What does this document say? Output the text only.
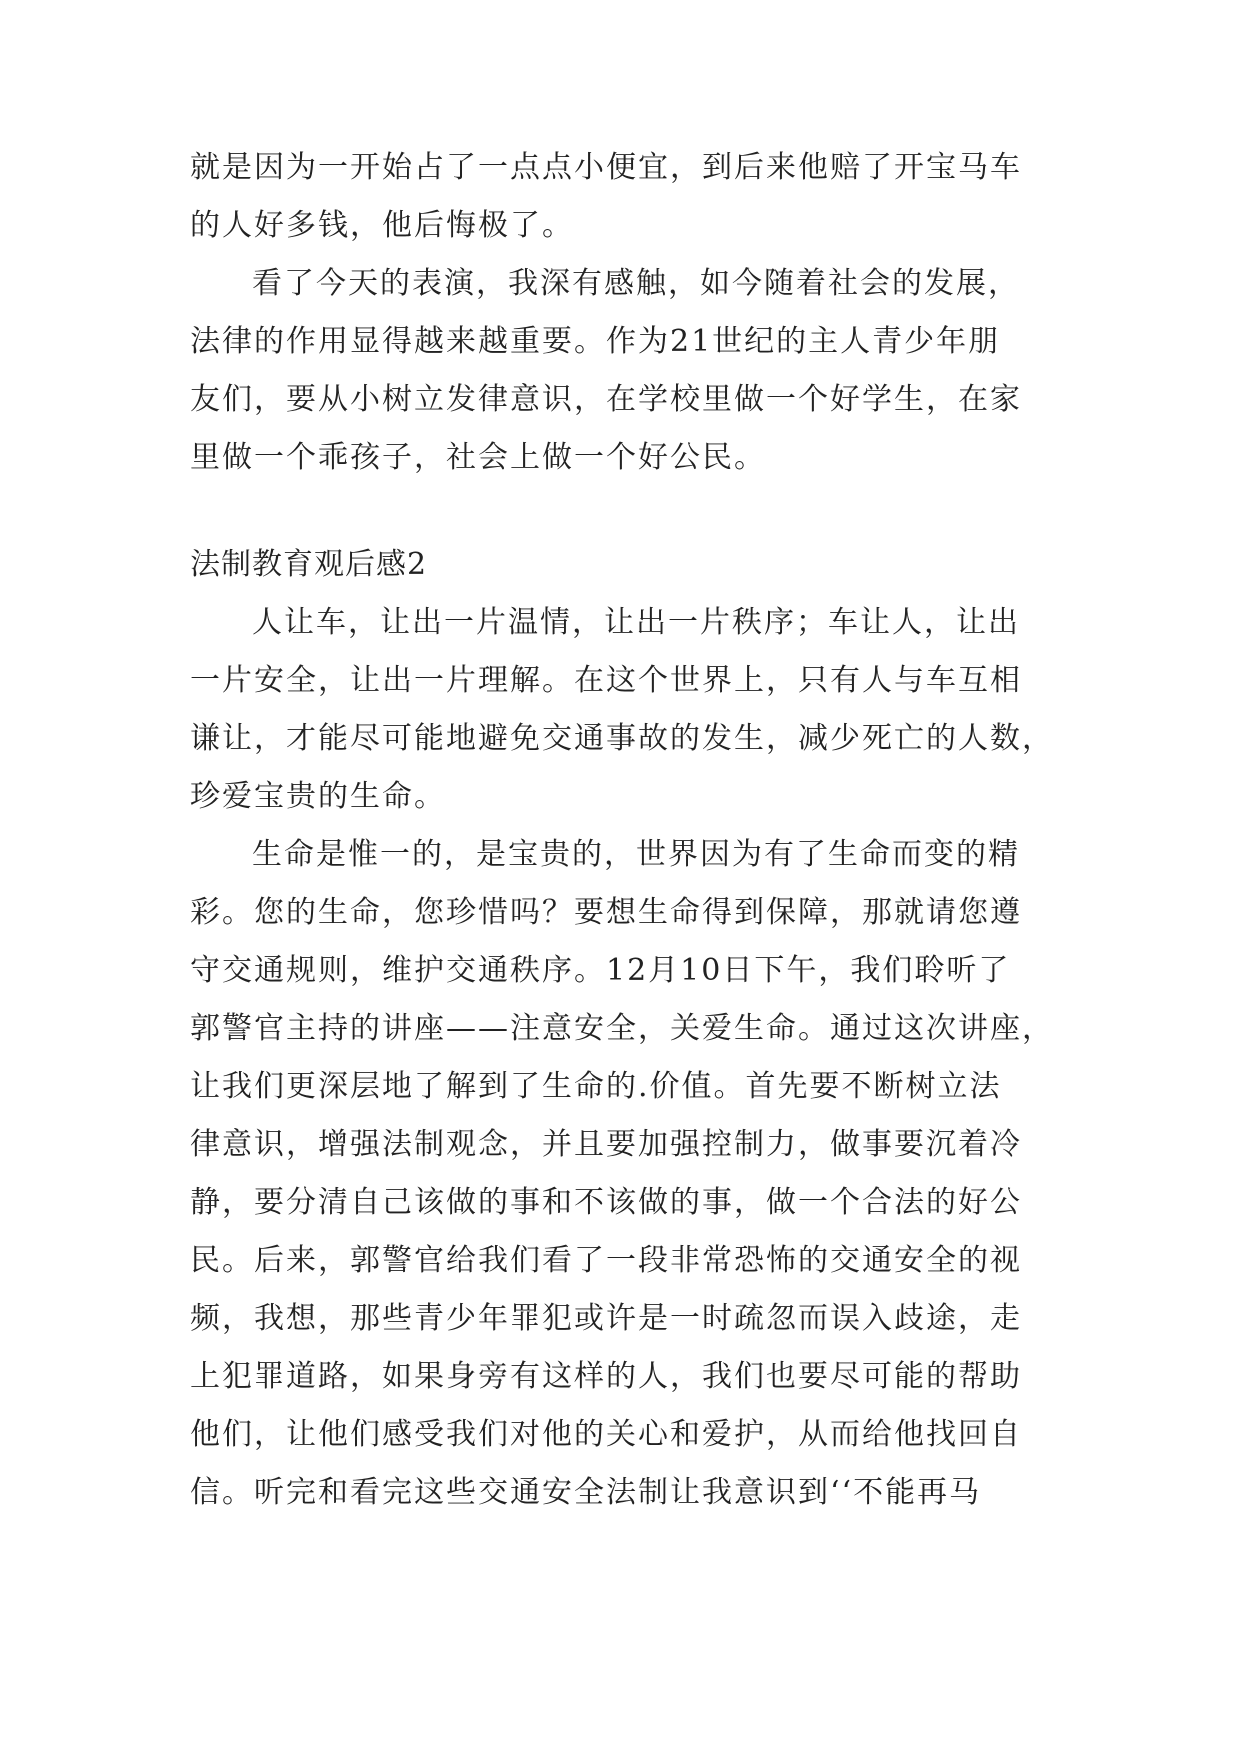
就是因为一开始占了一点点小便宜，到后来他赔了开宝马车
的人好多钱，他后悔极了。
看了今天的表演，我深有感触，如今随着社会的发展，
法律的作用显得越来越重要。作为21世纪的主人青少年朋
友们，要从小树立发律意识，在学校里做一个好学生，在家
里做一个乖孩子，社会上做一个好公民。
法制教育观后感2
人让车，让出一片温情，让出一片秩序；车让人，让出
一片安全，让出一片理解。在这个世界上，只有人与车互相
谦让，才能尽可能地避免交通事故的发生，减少死亡的人数，
珍爱宝贵的生命。
生命是惟一的，是宝贵的，世界因为有了生命而变的精
彩。您的生命，您珍惜吗？要想生命得到保障，那就请您遵
守交通规则，维护交通秩序。12月10日下午，我们聆听了
郭警官主持的讲座——注意安全，关爱生命。通过这次讲座，
让我们更深层地了解到了生命的.价值。首先要不断树立法
律意识，增强法制观念，并且要加强控制力，做事要沉着冷
静，要分清自己该做的事和不该做的事，做一个合法的好公
民。后来，郭警官给我们看了一段非常恐怖的交通安全的视
频，我想，那些青少年罪犯或许是一时疏忽而误入歧途，走
上犯罪道路，如果身旁有这样的人，我们也要尽可能的帮助
他们，让他们感受我们对他的关心和爱护，从而给他找回自
信。听完和看完这些交通安全法制让我意识到‘‘不能再马
